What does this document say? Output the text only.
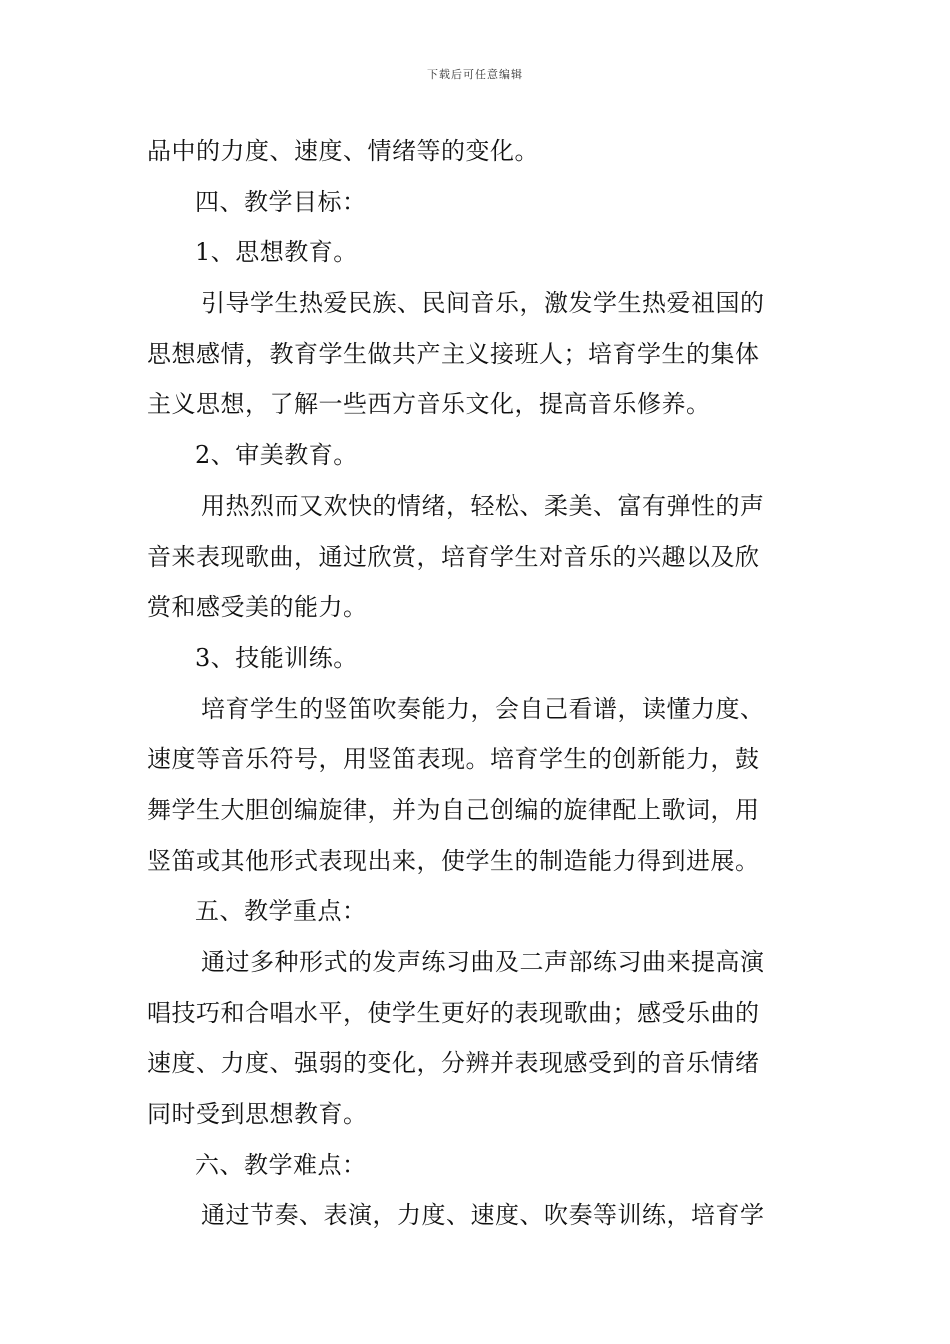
下载后可任意编辑
品中的力度、速度、情绪等的变化。
四、教学目标：
1、思想教育。
引导学生热爱民族、民间音乐，激发学生热爱祖国的
思想感情，教育学生做共产主义接班人；培育学生的集体
主义思想，了解一些西方音乐文化，提高音乐修养。
2、审美教育。
用热烈而又欢快的情绪，轻松、柔美、富有弹性的声
音来表现歌曲，通过欣赏，培育学生对音乐的兴趣以及欣
赏和感受美的能力。
3、技能训练。
培育学生的竖笛吹奏能力，会自己看谱，读懂力度、
速度等音乐符号，用竖笛表现。培育学生的创新能力，鼓
舞学生大胆创编旋律，并为自己创编的旋律配上歌词，用
竖笛或其他形式表现出来，使学生的制造能力得到进展。
五、教学重点：
通过多种形式的发声练习曲及二声部练习曲来提高演
唱技巧和合唱水平，使学生更好的表现歌曲；感受乐曲的
速度、力度、强弱的变化，分辨并表现感受到的音乐情绪
同时受到思想教育。
六、教学难点：
通过节奏、表演，力度、速度、吹奏等训练，培育学
